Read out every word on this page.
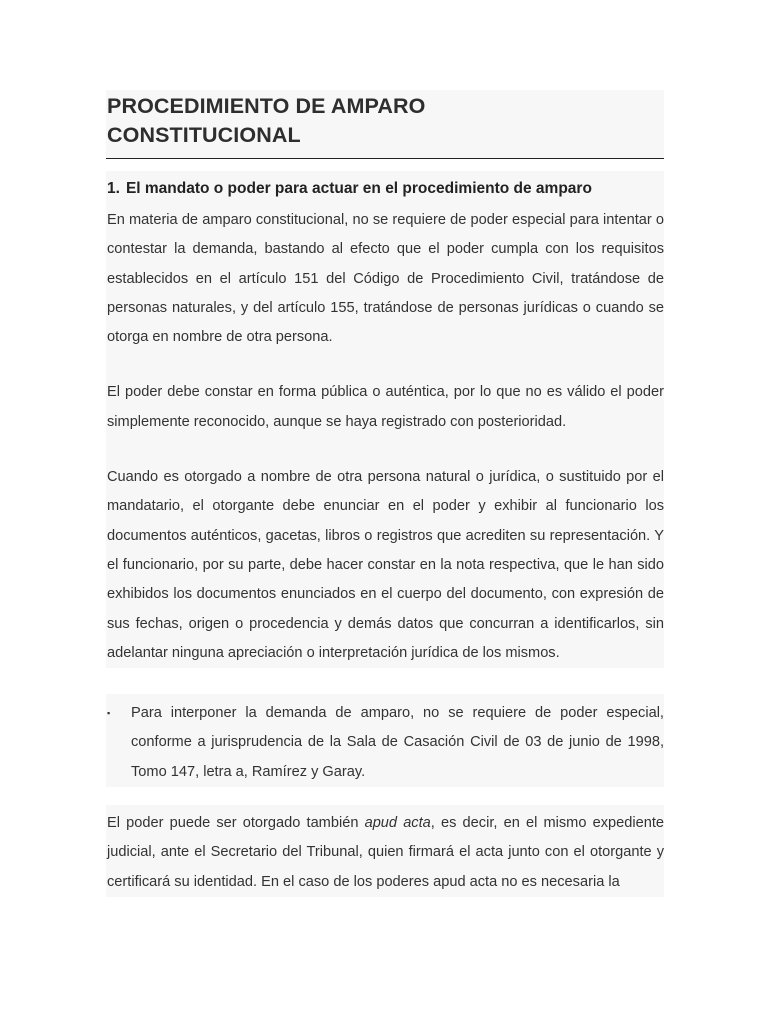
PROCEDIMIENTO DE AMPARO
CONSTITUCIONAL
1. El mandato o poder para actuar en el procedimiento de amparo

En materia de amparo constitucional, no se requiere de poder especial para intentar o contestar la demanda, bastando al efecto que el poder cumpla con los requisitos establecidos en el artículo 151 del Código de Procedimiento Civil, tratándose de personas naturales, y del artículo 155, tratándose de personas jurídicas o cuando se otorga en nombre de otra persona.

El poder debe constar en forma pública o auténtica, por lo que no es válido el poder simplemente reconocido, aunque se haya registrado con posterioridad.

Cuando es otorgado a nombre de otra persona natural o jurídica, o sustituido por el mandatario, el otorgante debe enunciar en el poder y exhibir al funcionario los documentos auténticos, gacetas, libros o registros que acrediten su representación. Y el funcionario, por su parte, debe hacer constar en la nota respectiva, que le han sido exhibidos los documentos enunciados en el cuerpo del documento, con expresión de sus fechas, origen o procedencia y demás datos que concurran a identificarlos, sin adelantar ninguna apreciación o interpretación jurídica de los mismos.

▪	Para interponer la demanda de amparo, no se requiere de poder especial, conforme a jurisprudencia de la Sala de Casación Civil de 03 de junio de 1998, Tomo 147, letra a, Ramírez y Garay.

El poder puede ser otorgado también apud acta, es decir, en el mismo expediente judicial, ante el Secretario del Tribunal, quien firmará el acta junto con el otorgante y certificará su identidad. En el caso de los poderes apud acta no es necesaria la
